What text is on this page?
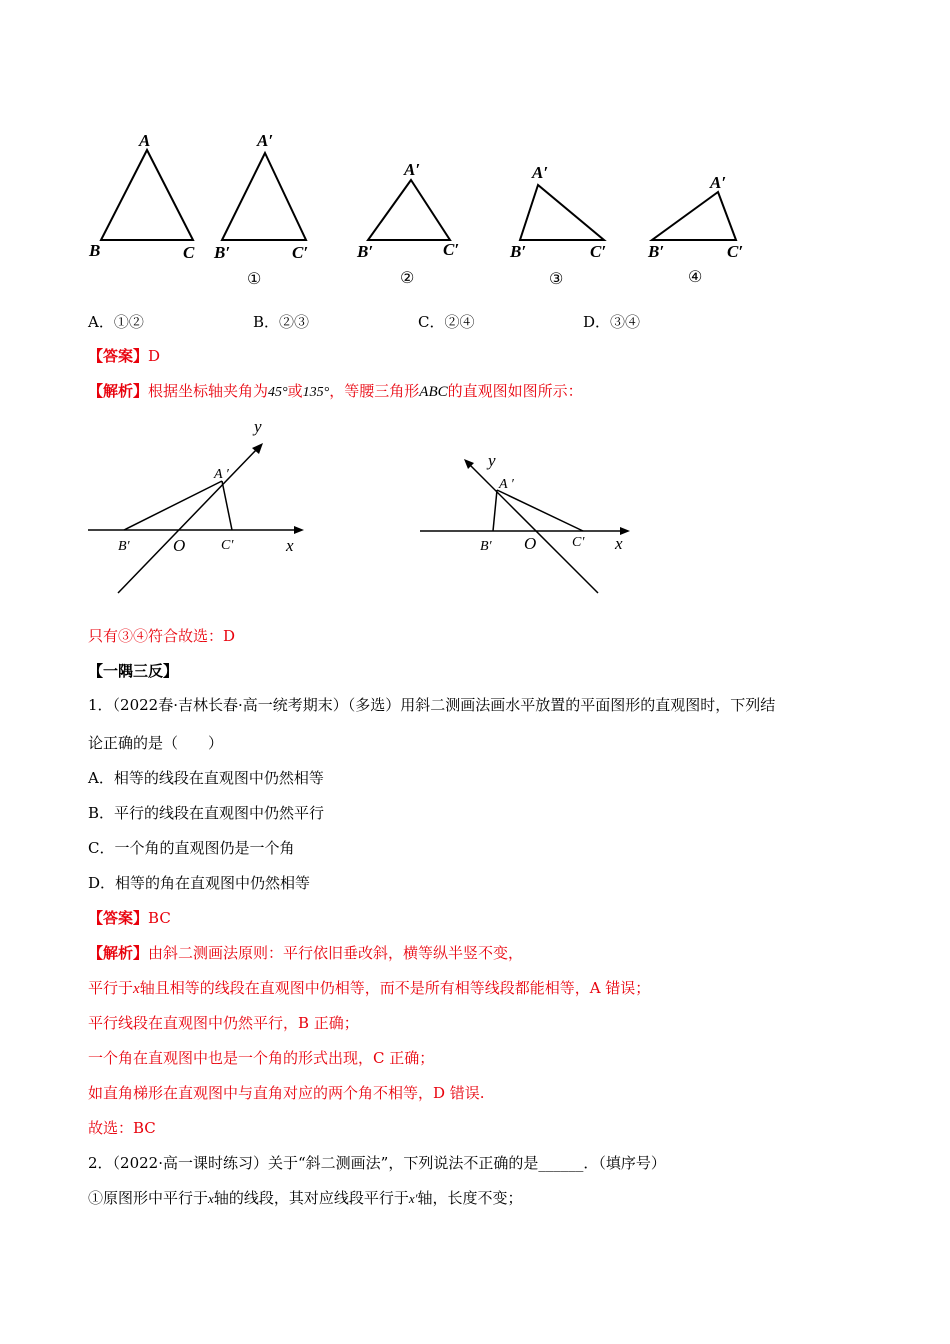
A
B	C
A′
B′	C′
①
A′
B′	C′
②
A′
B′	C′
③
A′
B′	C′
④
A．①②	B．②③	C．②④	D．③④
【答案】D
【解析】根据坐标轴夹角为45°或135°，等腰三角形ABC的直观图如图所示：
y
A ′
B′	O	C′	x
y
A ′
B′ O	C′ x
只有③④符合故选：D
【一隅三反】
1．（2022春·吉林长春·高一统考期末）（多选）用斜二测画法画水平放置的平面图形的直观图时，下列结
论正确的是（　　）
A．相等的线段在直观图中仍然相等
B．平行的线段在直观图中仍然平行
C．一个角的直观图仍是一个角
D．相等的角在直观图中仍然相等
【答案】BC
【解析】由斜二测画法原则：平行依旧垂改斜，横等纵半竖不变，
平行于x轴且相等的线段在直观图中仍相等，而不是所有相等线段都能相等，A 错误；
平行线段在直观图中仍然平行，B 正确；
一个角在直观图中也是一个角的形式出现，C 正确；
如直角梯形在直观图中与直角对应的两个角不相等，D 错误.
故选：BC
2．（2022·高一课时练习）关于“斜二测画法”，下列说法不正确的是______．（填序号）
①原图形中平行于x轴的线段，其对应线段平行于x′轴，长度不变；
